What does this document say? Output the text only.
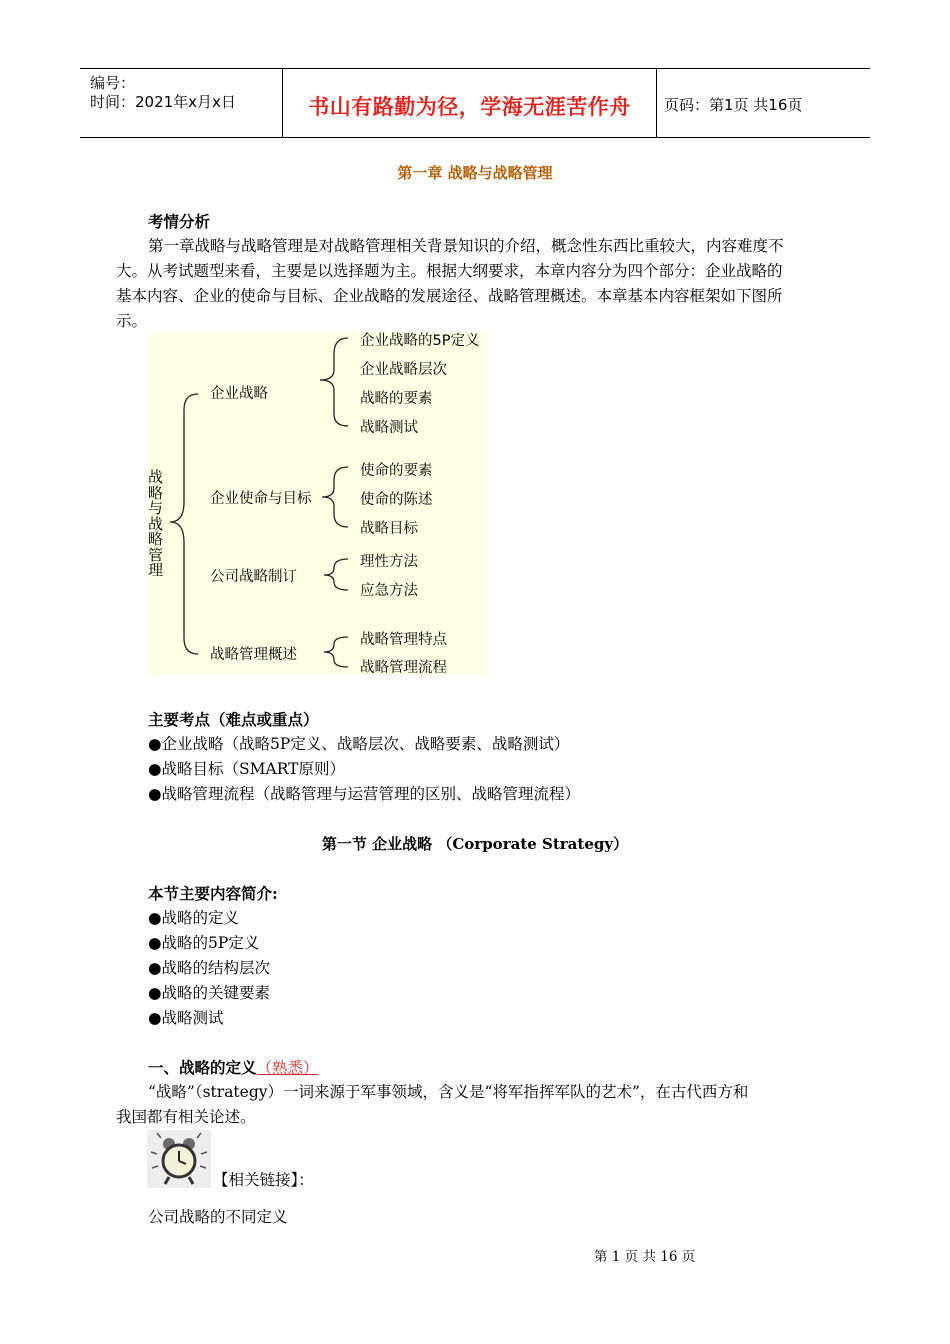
编号：
时间：2021年x月x日	书山有路勤为径，学海无涯苦作舟	页码：第1页 共16页
第一章 战略与战略管理
考情分析
第一章战略与战略管理是对战略管理相关背景知识的介绍，概念性东西比重较大，内容难度不
大。从考试题型来看，主要是以选择题为主。根据大纲要求，本章内容分为四个部分：企业战略的
基本内容、企业的使命与目标、企业战略的发展途径、战略管理概述。本章基本内容框架如下图所
示。
战略与战略管理
企业战略
企业使命与目标
公司战略制订
战略管理概述
企业战略的5P定义
企业战略层次
战略的要素
战略测试
使命的要素
使命的陈述
战略目标
理性方法
应急方法
战略管理特点
战略管理流程
主要考点（难点或重点）
●企业战略（战略5P定义、战略层次、战略要素、战略测试）
●战略目标（SMART原则）
●战略管理流程（战略管理与运营管理的区别、战略管理流程）
第一节 企业战略 （Corporate Strategy）
本节主要内容简介:
●战略的定义
●战略的5P定义
●战略的结构层次
●战略的关键要素
●战略测试
一、战略的定义（熟悉）
“战略”（strategy）一词来源于军事领域，含义是“将军指挥军队的艺术”，在古代西方和
我国都有相关论述。
【相关链接】：
公司战略的不同定义
第 1 页 共 16 页
